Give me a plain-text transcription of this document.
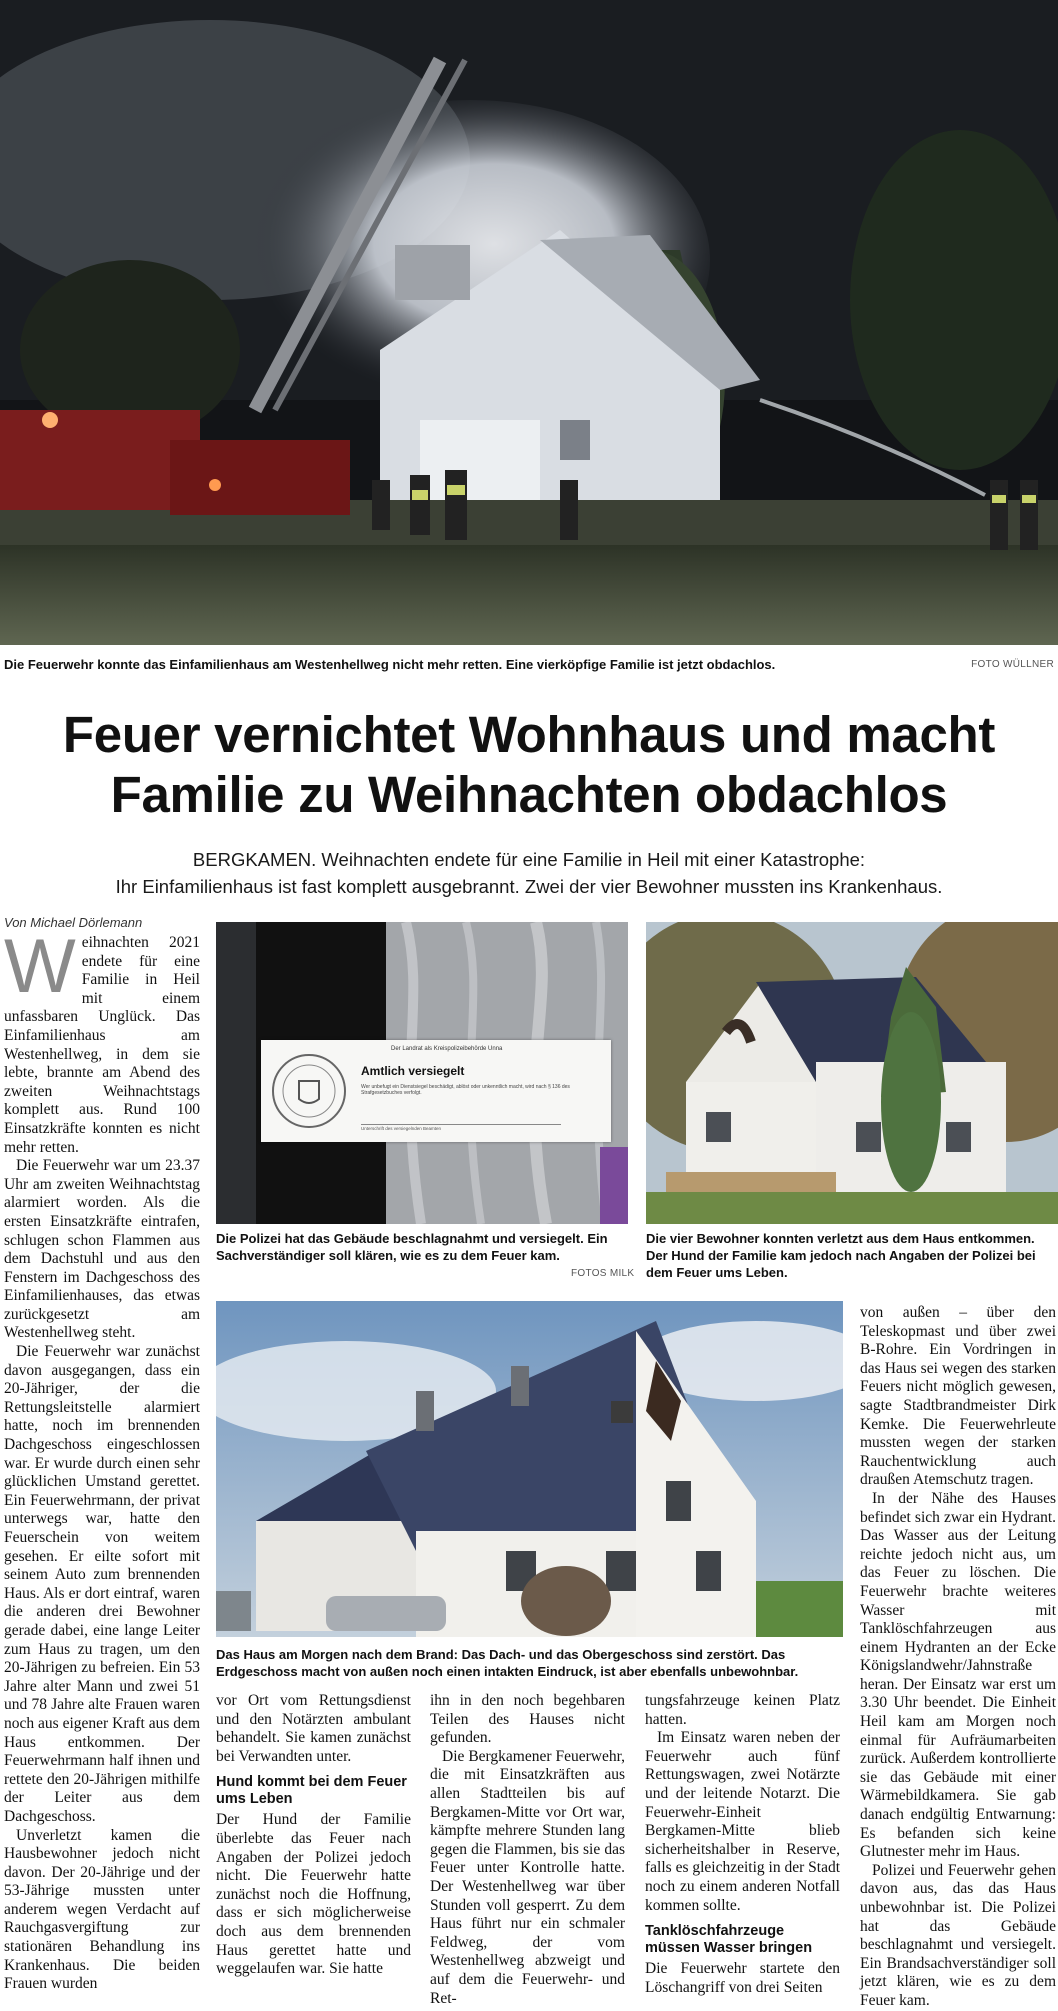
Die Feuerwehr konnte das Einfamilienhaus am Westenhellweg nicht mehr retten. Eine vierköpfige Familie ist jetzt obdachlos.	FOTO WÜLLNER
Feuer vernichtet Wohnhaus und macht
Familie zu Weihnachten obdachlos
BERGKAMEN. Weihnachten endete für eine Familie in Heil mit einer Katastrophe:
Ihr Einfamilienhaus ist fast komplett ausgebrannt. Zwei der vier Bewohner mussten ins Krankenhaus.
Von Michael Dörlemann
Der Landrat als Kreispolizeibehörde Unna
Amtlich versiegelt
Wer unbefugt ein Dienstsiegel beschädigt, ablöst oder unkenntlich macht, wird nach § 136 des Strafgesetzbuches verfolgt.
Unterschrift des versiegelnden Beamten
Die Polizei hat das Gebäude beschlagnahmt und versiegelt. Ein Sachverständiger soll klären, wie es zu dem Feuer kam.
FOTOS MILK
Die vier Bewohner konnten verletzt aus dem Haus entkommen. Der Hund der Familie kam jedoch nach Angaben der Polizei bei dem Feuer ums Leben.
Das Haus am Morgen nach dem Brand: Das Dach- und das Obergeschoss sind zerstört. Das Erdgeschoss macht von außen noch einen intakten Eindruck, ist aber ebenfalls unbewohnbar.

Weihnachten 2021 endete für eine Familie in Heil mit einem unfassbaren Unglück. Das Einfamilienhaus am Westenhellweg, in dem sie lebte, brannte am Abend des zweiten Weihnachtstags komplett aus. Rund 100 Einsatzkräfte konnten es nicht mehr retten.

Die Feuerwehr war um 23.37 Uhr am zweiten Weihnachtstag alarmiert worden. Als die ersten Einsatzkräfte eintrafen, schlugen schon Flammen aus dem Dachstuhl und aus den Fenstern im Dachgeschoss des Einfamilienhauses, das etwas zurückgesetzt am Westenhellweg steht.

Die Feuerwehr war zunächst davon ausgegangen, dass ein 20-Jähriger, der die Rettungsleitstelle alarmiert hatte, noch im brennenden Dachgeschoss eingeschlossen war. Er wurde durch einen sehr glücklichen Umstand gerettet. Ein Feuerwehrmann, der privat unterwegs war, hatte den Feuerschein von weitem gesehen. Er eilte sofort mit seinem Auto zum brennenden Haus. Als er dort eintraf, waren die anderen drei Bewohner gerade dabei, eine lange Leiter zum Haus zu tragen, um den 20-Jährigen zu befreien. Ein 53 Jahre alter Mann und zwei 51 und 78 Jahre alte Frauen waren noch aus eigener Kraft aus dem Haus entkommen. Der Feuerwehrmann half ihnen und rettete den 20-Jährigen mithilfe der Leiter aus dem Dachgeschoss.

Unverletzt kamen die Hausbewohner jedoch nicht davon. Der 20-Jährige und der 53-Jährige mussten unter anderem wegen Verdacht auf Rauchgasvergiftung zur stationären Behandlung ins Krankenhaus. Die beiden Frauen wurden

vor Ort vom Rettungsdienst und den Notärzten ambulant behandelt. Sie kamen zunächst bei Verwandten unter.

Hund kommt bei dem Feuer ums Leben

Der Hund der Familie überlebte das Feuer nach Angaben der Polizei jedoch nicht. Die Feuerwehr hatte zunächst noch die Hoffnung, dass er sich möglicherweise doch aus dem brennenden Haus gerettet hatte und weggelaufen war. Sie hatte

ihn in den noch begehbaren Teilen des Hauses nicht gefunden.

Die Bergkamener Feuerwehr, die mit Einsatzkräften aus allen Stadtteilen bis auf Bergkamen-Mitte vor Ort war, kämpfte mehrere Stunden lang gegen die Flammen, bis sie das Feuer unter Kontrolle hatte. Der Westenhellweg war über Stunden voll gesperrt. Zu dem Haus führt nur ein schmaler Feldweg, der vom Westenhellweg abzweigt und auf dem die Feuerwehr- und Ret-

tungsfahrzeuge keinen Platz hatten.

Im Einsatz waren neben der Feuerwehr auch fünf Rettungswagen, zwei Notärzte und der leitende Notarzt. Die Feuerwehr-Einheit Bergkamen-Mitte blieb sicherheitshalber in Reserve, falls es gleichzeitig in der Stadt noch zu einem anderen Notfall kommen sollte.

Tanklöschfahrzeuge müssen Wasser bringen

Die Feuerwehr startete den Löschangriff von drei Seiten

von außen – über den Teleskopmast und über zwei B-Rohre. Ein Vordringen in das Haus sei wegen des starken Feuers nicht möglich gewesen, sagte Stadtbrandmeister Dirk Kemke. Die Feuerwehrleute mussten wegen der starken Rauchentwicklung auch draußen Atemschutz tragen.

In der Nähe des Hauses befindet sich zwar ein Hydrant. Das Wasser aus der Leitung reichte jedoch nicht aus, um das Feuer zu löschen. Die Feuerwehr brachte weiteres Wasser mit Tanklöschfahrzeugen aus einem Hydranten an der Ecke Königslandwehr/Jahnstraße heran. Der Einsatz war erst um 3.30 Uhr beendet. Die Einheit Heil kam am Morgen noch einmal für Aufräumarbeiten zurück. Außerdem kontrollierte sie das Gebäude mit einer Wärmebildkamera. Sie gab danach endgültig Entwarnung: Es befanden sich keine Glutnester mehr im Haus.

Polizei und Feuerwehr gehen davon aus, das das Haus unbewohnbar ist. Die Polizei hat das Gebäude beschlagnahmt und versiegelt. Ein Brandsachverständiger soll jetzt klären, wie es zu dem Feuer kam.
